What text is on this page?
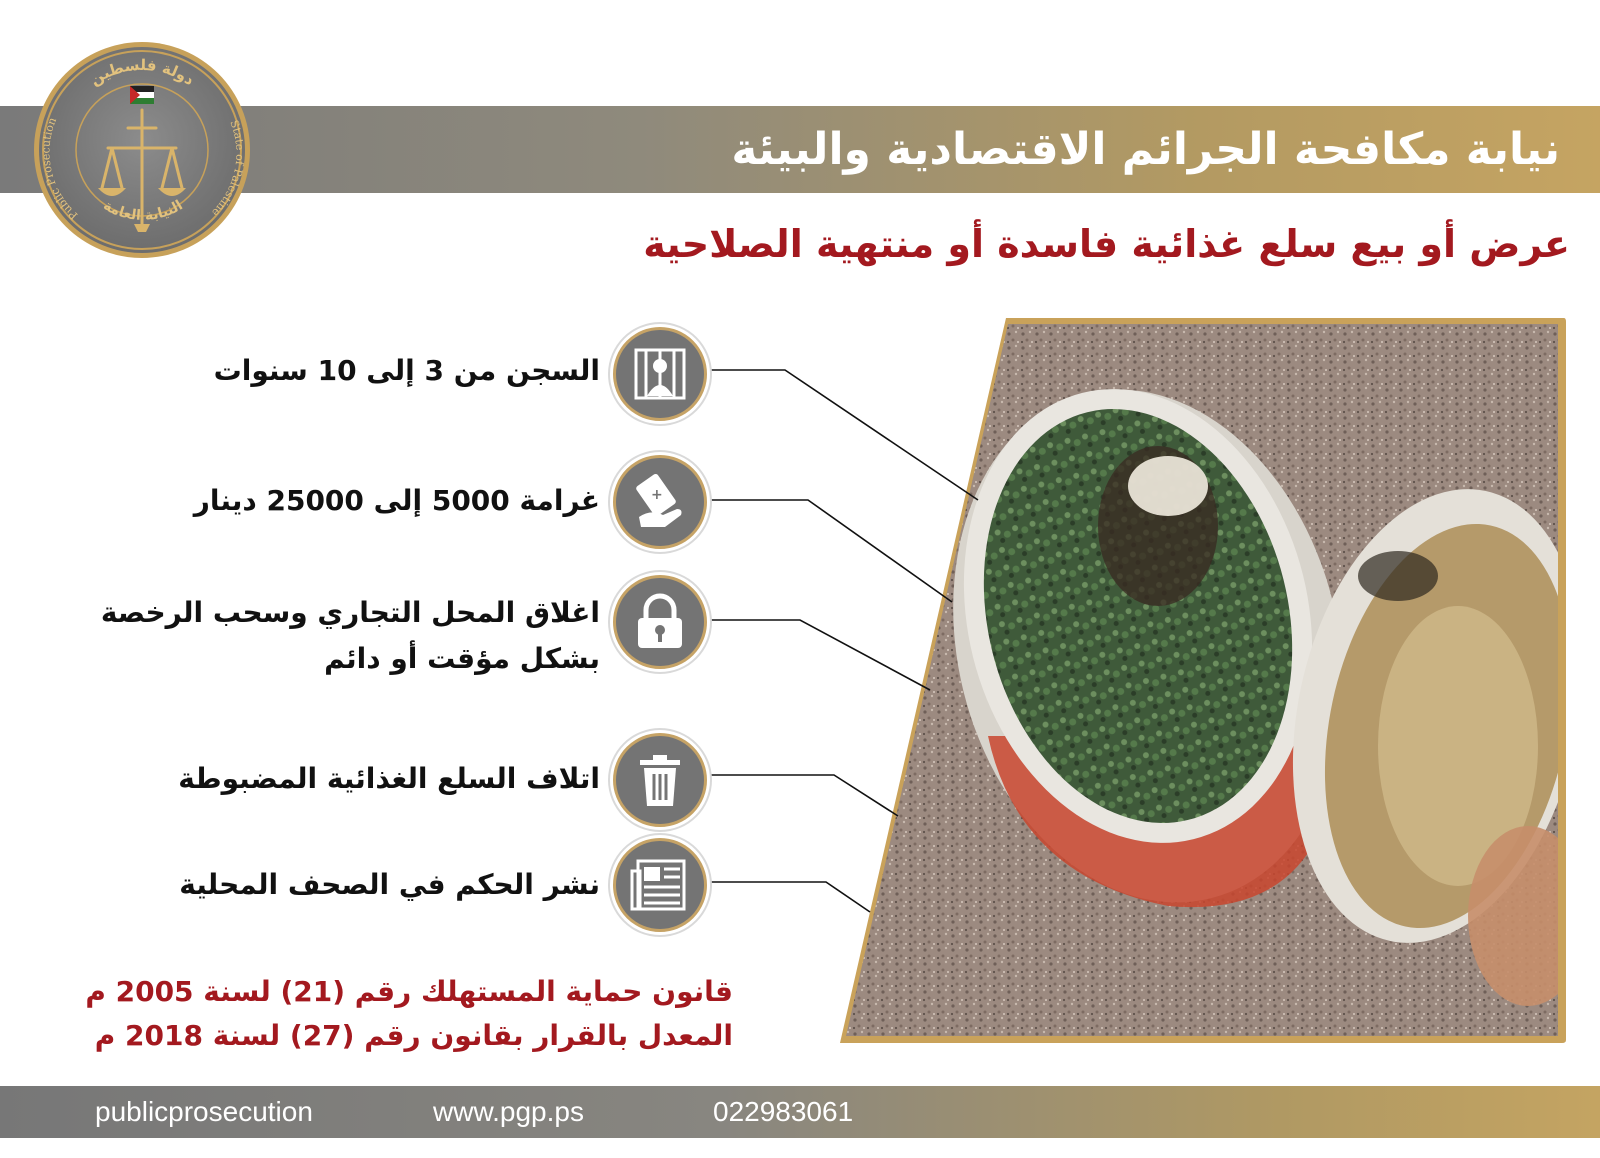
نيابة مكافحة الجرائم الاقتصادية والبيئة
دولة فلسطين
النيابة العامة
Public Prosecution	State of Palestine
عرض أو بيع سلع غذائية فاسدة أو منتهية الصلاحية
السجن من 3 إلى 10 سنوات
+
غرامة 5000 إلى 25000 دينار
اغلاق المحل التجاري وسحب الرخصة
بشكل مؤقت أو دائم
اتلاف السلع الغذائية المضبوطة
نشر الحكم في الصحف المحلية
قانون حماية المستهلك رقم (21) لسنة 2005 م
المعدل بالقرار بقانون رقم (27) لسنة 2018 م
publicprosecution	www.pgp.ps	022983061
